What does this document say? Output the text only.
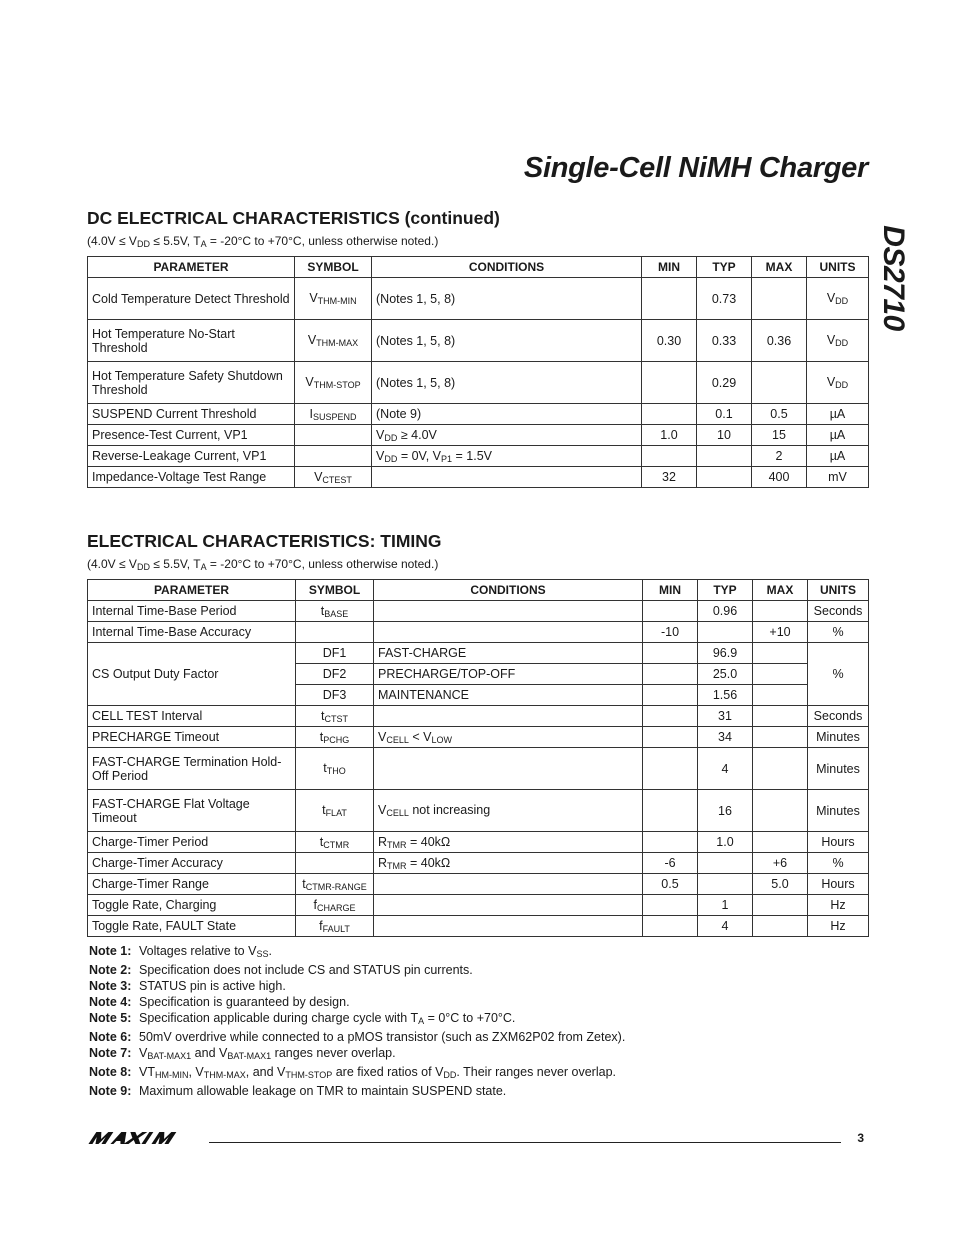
Single-Cell NiMH Charger
DS2710
DC ELECTRICAL CHARACTERISTICS (continued)
($4.0V \le V_{DD} \le 5.5V$, $T_A = -20^\circ C$ to +70°C, unless otherwise noted.)
PARAMETER	SYMBOL	CONDITIONS	MIN	TYP	MAX	UNITS
Cold Temperature Detect Threshold	$V_{THM-MIN}$	(Notes 1, 5, 8)		0.73		$V_{DD}$
Hot Temperature No-Start Threshold	$V_{THM-MAX}$	(Notes 1, 5, 8)	0.30	0.33	0.36	$V_{DD}$
Hot Temperature Safety Shutdown Threshold	$V_{THM-STOP}$	(Notes 1, 5, 8)		0.29		$V_{DD}$
SUSPEND Current Threshold	$I_{SUSPEND}$	(Note 9)		0.1	0.5	µA
Presence-Test Current, VP1		$V_{DD} \ge 4.0V$	1.0	10	15	µA
Reverse-Leakage Current, VP1		$V_{DD} = 0V$, $V_{P1} = 1.5V$			2	µA
Impedance-Voltage Test Range	$V_{CTEST}$		32		400	mV
ELECTRICAL CHARACTERISTICS: TIMING
($4.0V \le V_{DD} \le 5.5V$, $T_A = -20^\circ C$ to +70°C, unless otherwise noted.)
PARAMETER	SYMBOL	CONDITIONS	MIN	TYP	MAX	UNITS
Internal Time-Base Period	$t_{BASE}$			0.96		Seconds
Internal Time-Base Accuracy			-10		+10	%
CS Output Duty Factor	DF1	FAST-CHARGE		96.9		%
	DF2	PRECHARGE/TOP-OFF		25.0		
	DF3	MAINTENANCE		1.56		
CELL TEST Interval	$t_{CTST}$			31		Seconds
PRECHARGE Timeout	$t_{PCHG}$	$V_{CELL} < V_{LOW}$		34		Minutes
FAST-CHARGE Termination Hold-Off Period	$t_{THO}$			4		Minutes
FAST-CHARGE Flat Voltage Timeout	$t_{FLAT}$	$V_{CELL}$ not increasing		16		Minutes
Charge-Timer Period	$t_{CTMR}$	$R_{TMR} = 40k\Omega$		1.0		Hours
Charge-Timer Accuracy		$R_{TMR} = 40k\Omega$	-6		+6	%
Charge-Timer Range	$t_{CTMR-RANGE}$		0.5		5.0	Hours
Toggle Rate, Charging	$f_{CHARGE}$			1		Hz
Toggle Rate, FAULT State	$f_{FAULT}$			4		Hz
Note 1: Voltages relative to $V_{SS}$.
Note 2: Specification does not include CS and STATUS pin currents.
Note 3: STATUS pin is active high.
Note 4: Specification is guaranteed by design.
Note 5: Specification applicable during charge cycle with $T_A = 0^\circ C$ to +70°C.
Note 6: 50mV overdrive while connected to a pMOS transistor (such as ZXM62P02 from Zetex).
Note 7: $V_{BAT-MAX1}$ and $V_{BAT-MAX1}$ ranges never overlap.
Note 8: $VT_{HM-MIN}$, $V_{THM-MAX}$, and $V_{THM-STOP}$ are fixed ratios of $V_{DD}$. Their ranges never overlap.
Note 9: Maximum allowable leakage on TMR to maintain SUSPEND state.
3
